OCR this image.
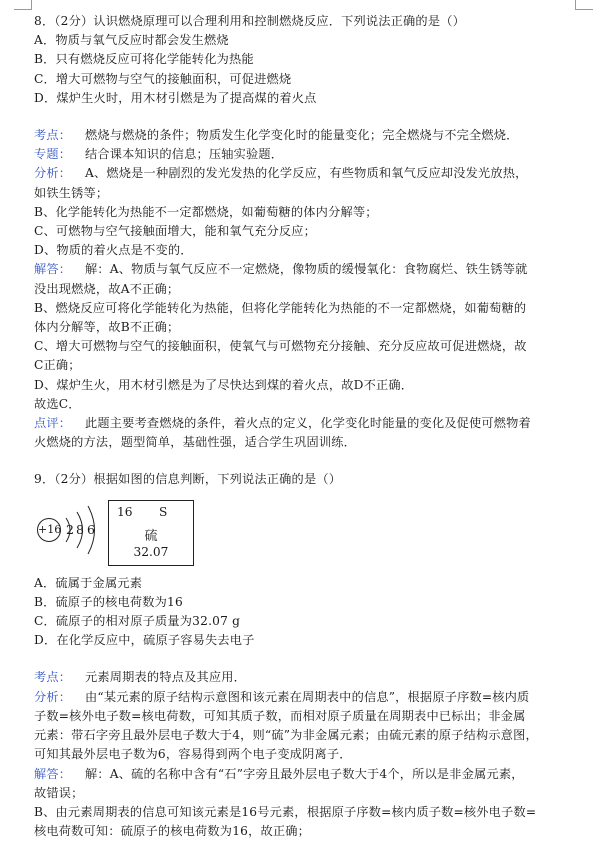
8．（2分）认识燃烧原理可以合理利用和控制燃烧反应．下列说法正确的是（）
A．物质与氧气反应时都会发生燃烧
B．只有燃烧反应可将化学能转化为热能
C．增大可燃物与空气的接触面积，可促进燃烧
D．煤炉生火时，用木材引燃是为了提高煤的着火点
考点： 燃烧与燃烧的条件；物质发生化学变化时的能量变化；完全燃烧与不完全燃烧．
专题： 结合课本知识的信息；压轴实验题．
分析： A、燃烧是一种剧烈的发光发热的化学反应，有些物质和氧气反应却没发光放热，
如铁生锈等；
B、化学能转化为热能不一定都燃烧，如葡萄糖的体内分解等；
C、可燃物与空气接触面增大，能和氧气充分反应；
D、物质的着火点是不变的．
解答： 解：A、物质与氧气反应不一定燃烧，像物质的缓慢氧化：食物腐烂、铁生锈等就
没出现燃烧，故A不正确；
B、燃烧反应可将化学能转化为热能，但将化学能转化为热能的不一定都燃烧，如葡萄糖的
体内分解等，故B不正确；
C、增大可燃物与空气的接触面积，使氧气与可燃物充分接触、充分反应故可促进燃烧，故
C正确；
D、煤炉生火，用木材引燃是为了尽快达到煤的着火点，故D不正确．
故选C．
点评： 此题主要考查燃烧的条件，着火点的定义，化学变化时能量的变化及促使可燃物着
火燃烧的方法，题型简单，基础性强，适合学生巩固训练．
9．（2分）根据如图的信息判断，下列说法正确的是（）
+16 2 8 6
16 S
硫
32.07
A．硫属于金属元素
B．硫原子的核电荷数为16
C．硫原子的相对原子质量为32.07 g
D．在化学反应中，硫原子容易失去电子
考点： 元素周期表的特点及其应用．
分析： 由“某元素的原子结构示意图和该元素在周期表中的信息”，根据原子序数=核内质
子数=核外电子数=核电荷数，可知其质子数，而相对原子质量在周期表中已标出；非金属
元素：带石字旁且最外层电子数大于4，则“硫”为非金属元素；由硫元素的原子结构示意图，
可知其最外层电子数为6，容易得到两个电子变成阴离子．
解答： 解：A、硫的名称中含有“石”字旁且最外层电子数大于4个，所以是非金属元素，
故错误；
B、由元素周期表的信息可知该元素是16号元素，根据原子序数=核内质子数=核外电子数=
核电荷数可知：硫原子的核电荷数为16，故正确；
